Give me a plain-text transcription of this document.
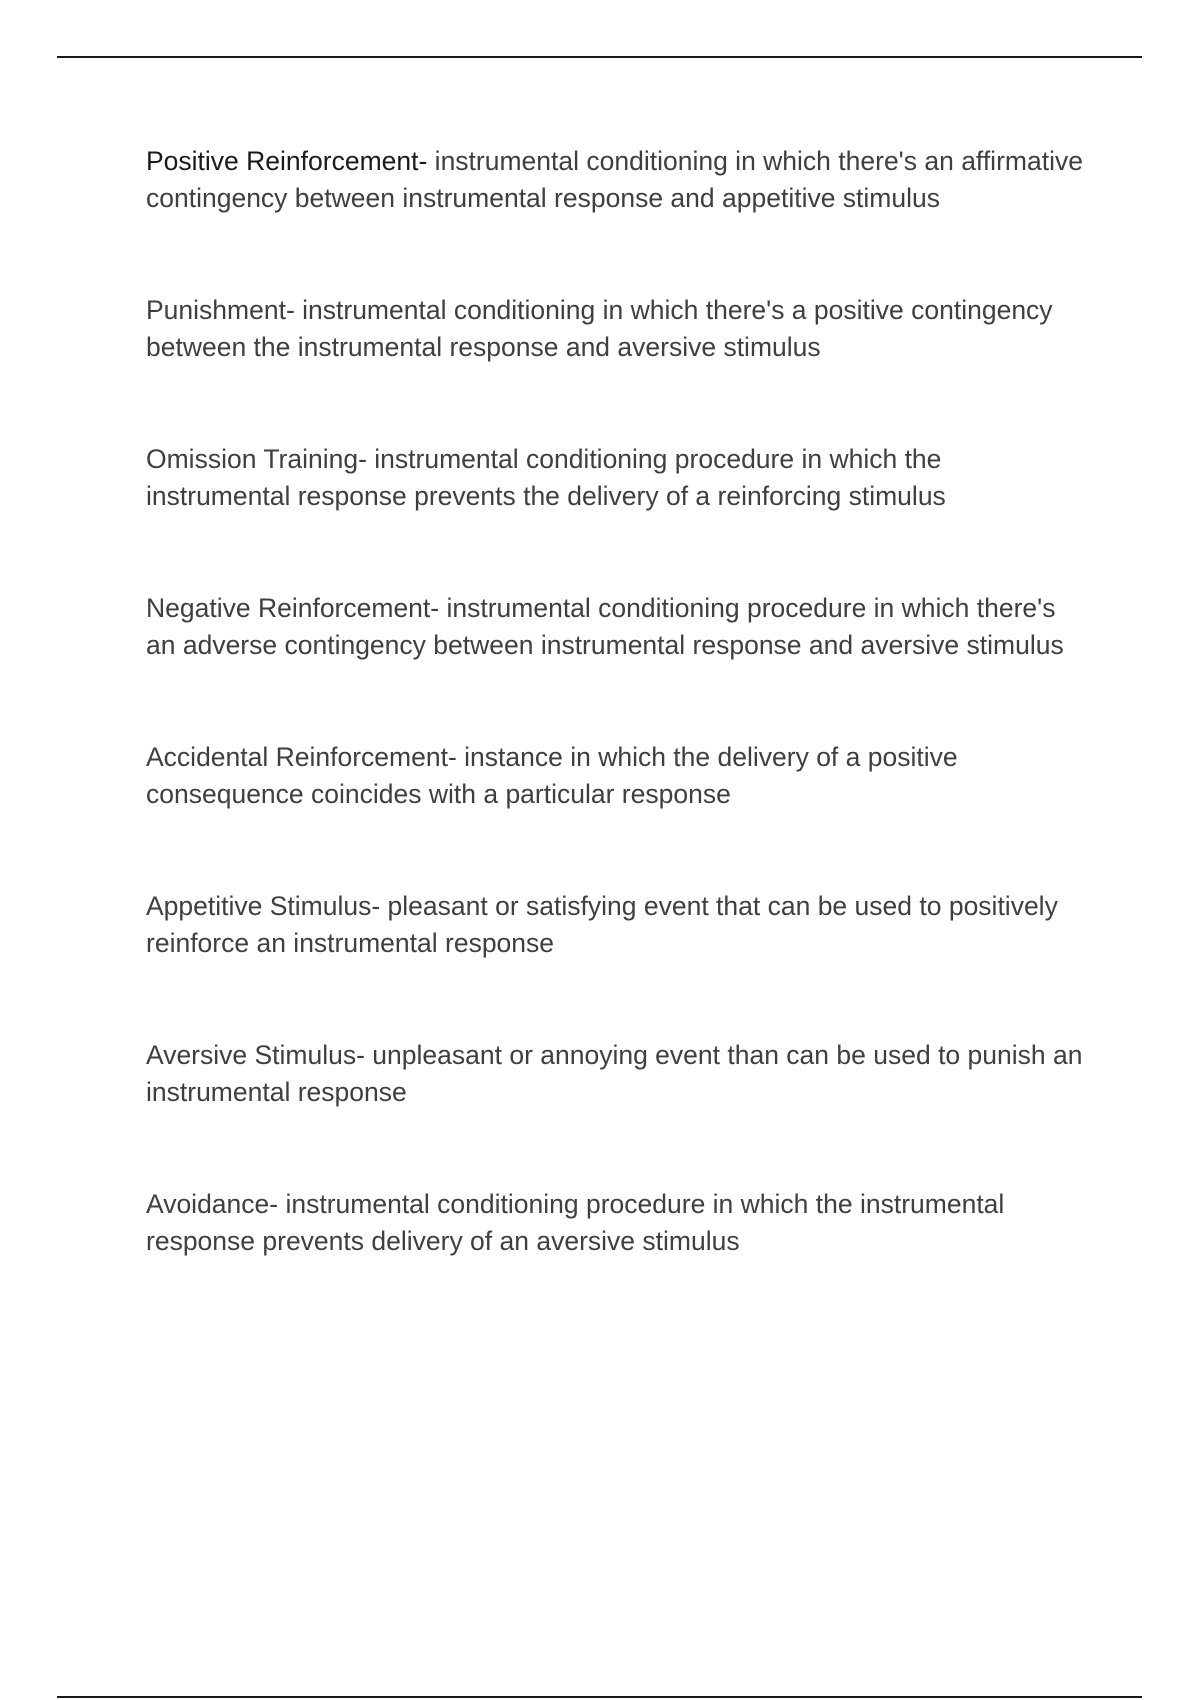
Positive Reinforcement- instrumental conditioning in which there's an affirmative contingency between instrumental response and appetitive stimulus

Punishment- instrumental conditioning in which there's a positive contingency between the instrumental response and aversive stimulus

Omission Training- instrumental conditioning procedure in which the instrumental response prevents the delivery of a reinforcing stimulus

Negative Reinforcement- instrumental conditioning procedure in which there's an adverse contingency between instrumental response and aversive stimulus

Accidental Reinforcement- instance in which the delivery of a positive consequence coincides with a particular response

Appetitive Stimulus- pleasant or satisfying event that can be used to positively reinforce an instrumental response

Aversive Stimulus- unpleasant or annoying event than can be used to punish an instrumental response

Avoidance- instrumental conditioning procedure in which the instrumental response prevents delivery of an aversive stimulus
